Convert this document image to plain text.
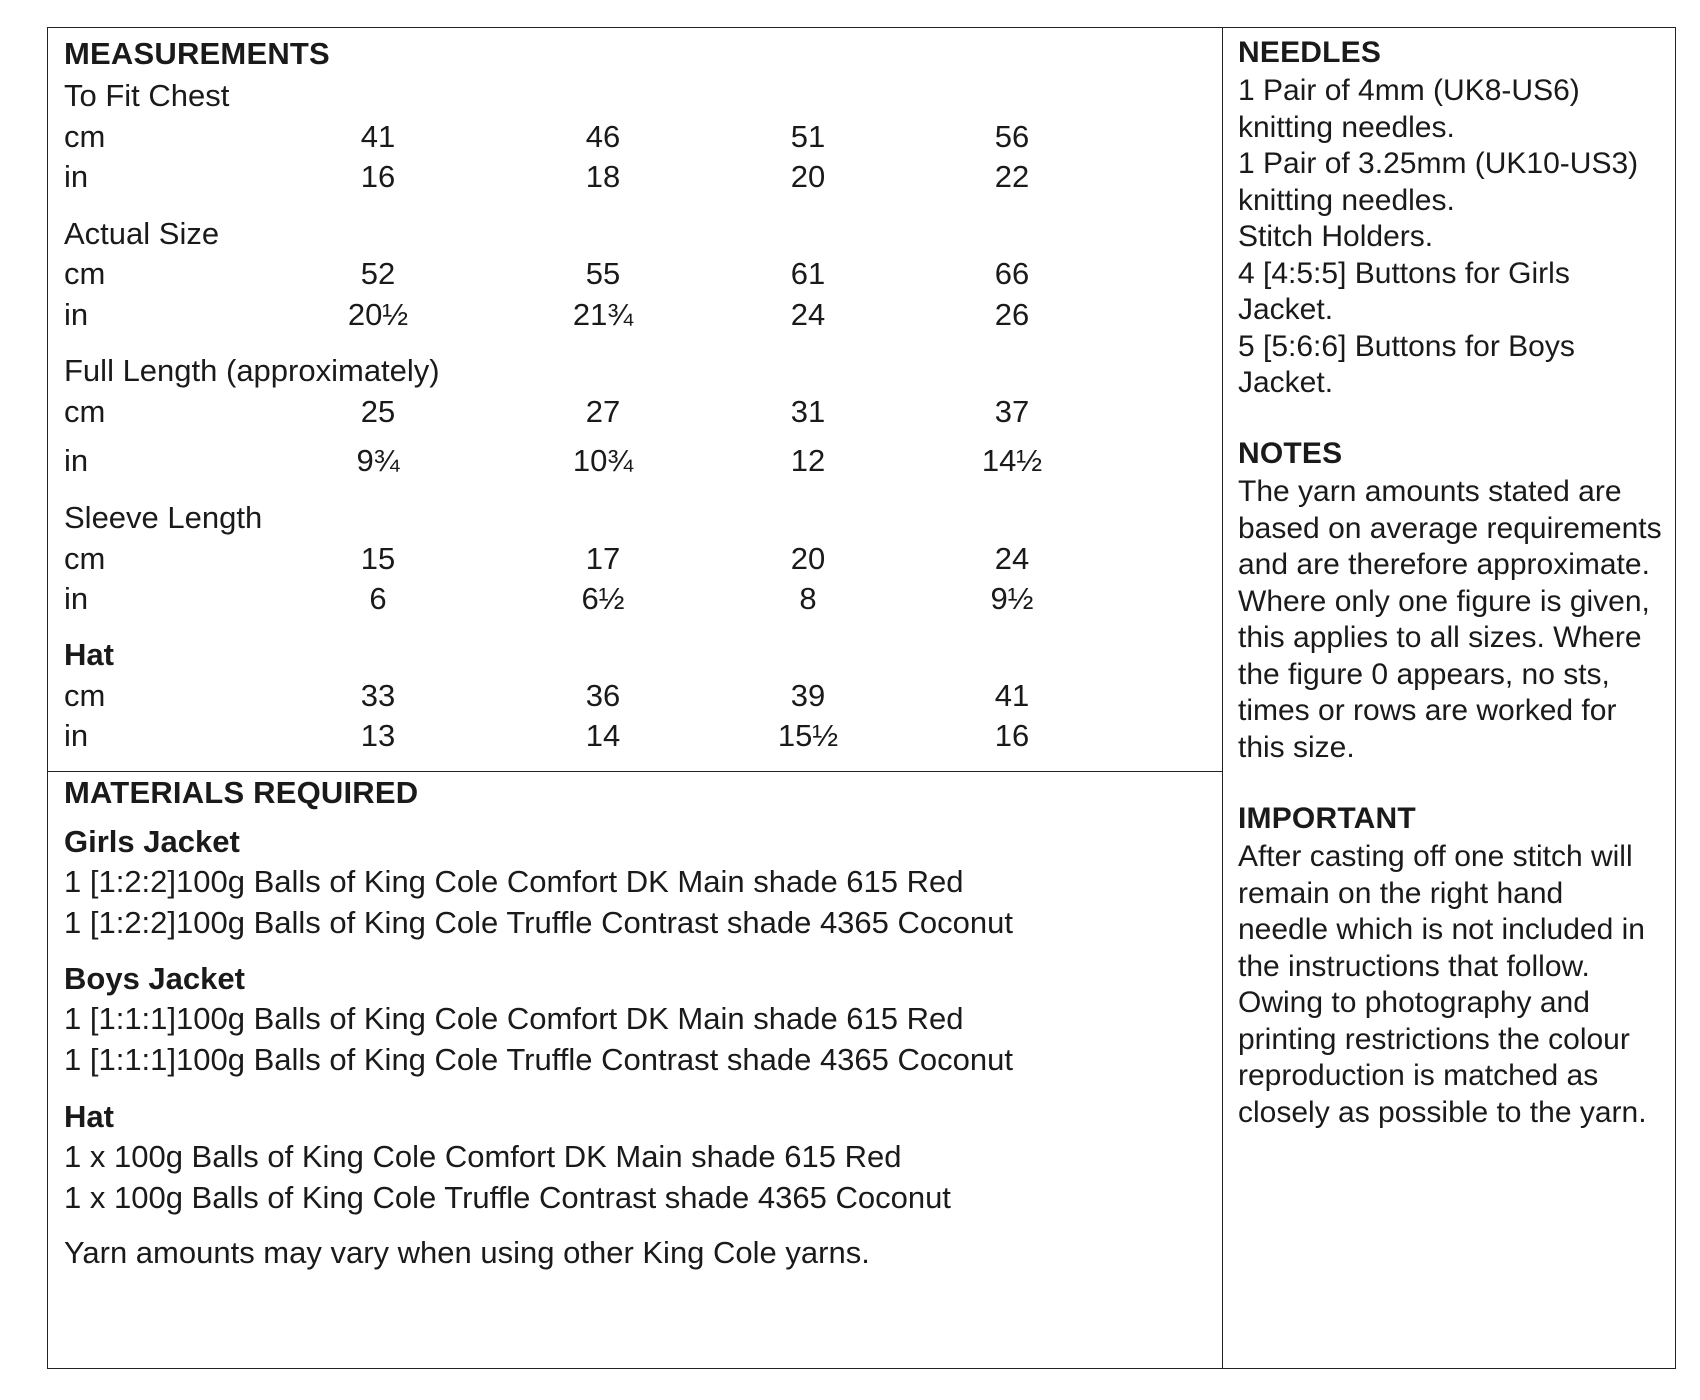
MEASUREMENTS
To Fit Chest
cm	41	46	51	56
in	16	18	20	22
Actual Size
cm	52	55	61	66
in	20½	21¾	24	26
Full Length (approximately)
cm	25	27	31	37
in	9¾	10¾	12	14½
Sleeve Length
cm	15	17	20	24
in	6	6½	8	9½
Hat
cm	33	36	39	41
in	13	14	15½	16
MATERIALS REQUIRED
Girls Jacket
1 [1:2:2]100g Balls of King Cole Comfort DK Main shade 615 Red
1 [1:2:2]100g Balls of King Cole Truffle Contrast shade 4365 Coconut
Boys Jacket
1 [1:1:1]100g Balls of King Cole Comfort DK Main shade 615 Red
1 [1:1:1]100g Balls of King Cole Truffle Contrast shade 4365 Coconut
Hat
1 x 100g Balls of King Cole Comfort DK Main shade 615 Red
1 x 100g Balls of King Cole Truffle Contrast shade 4365 Coconut
Yarn amounts may vary when using other King Cole yarns.
NEEDLES
1 Pair of 4mm (UK8-US6)
knitting needles.
1 Pair of 3.25mm (UK10-US3)
knitting needles.
Stitch Holders.
4 [4:5:5] Buttons for Girls
Jacket.
5 [5:6:6] Buttons for Boys
Jacket.
NOTES
The yarn amounts stated are
based on average requirements
and are therefore approximate.
Where only one figure is given,
this applies to all sizes. Where
the figure 0 appears, no sts,
times or rows are worked for
this size.
IMPORTANT
After casting off one stitch will
remain on the right hand
needle which is not included in
the instructions that follow.
Owing to photography and
printing restrictions the colour
reproduction is matched as
closely as possible to the yarn.
